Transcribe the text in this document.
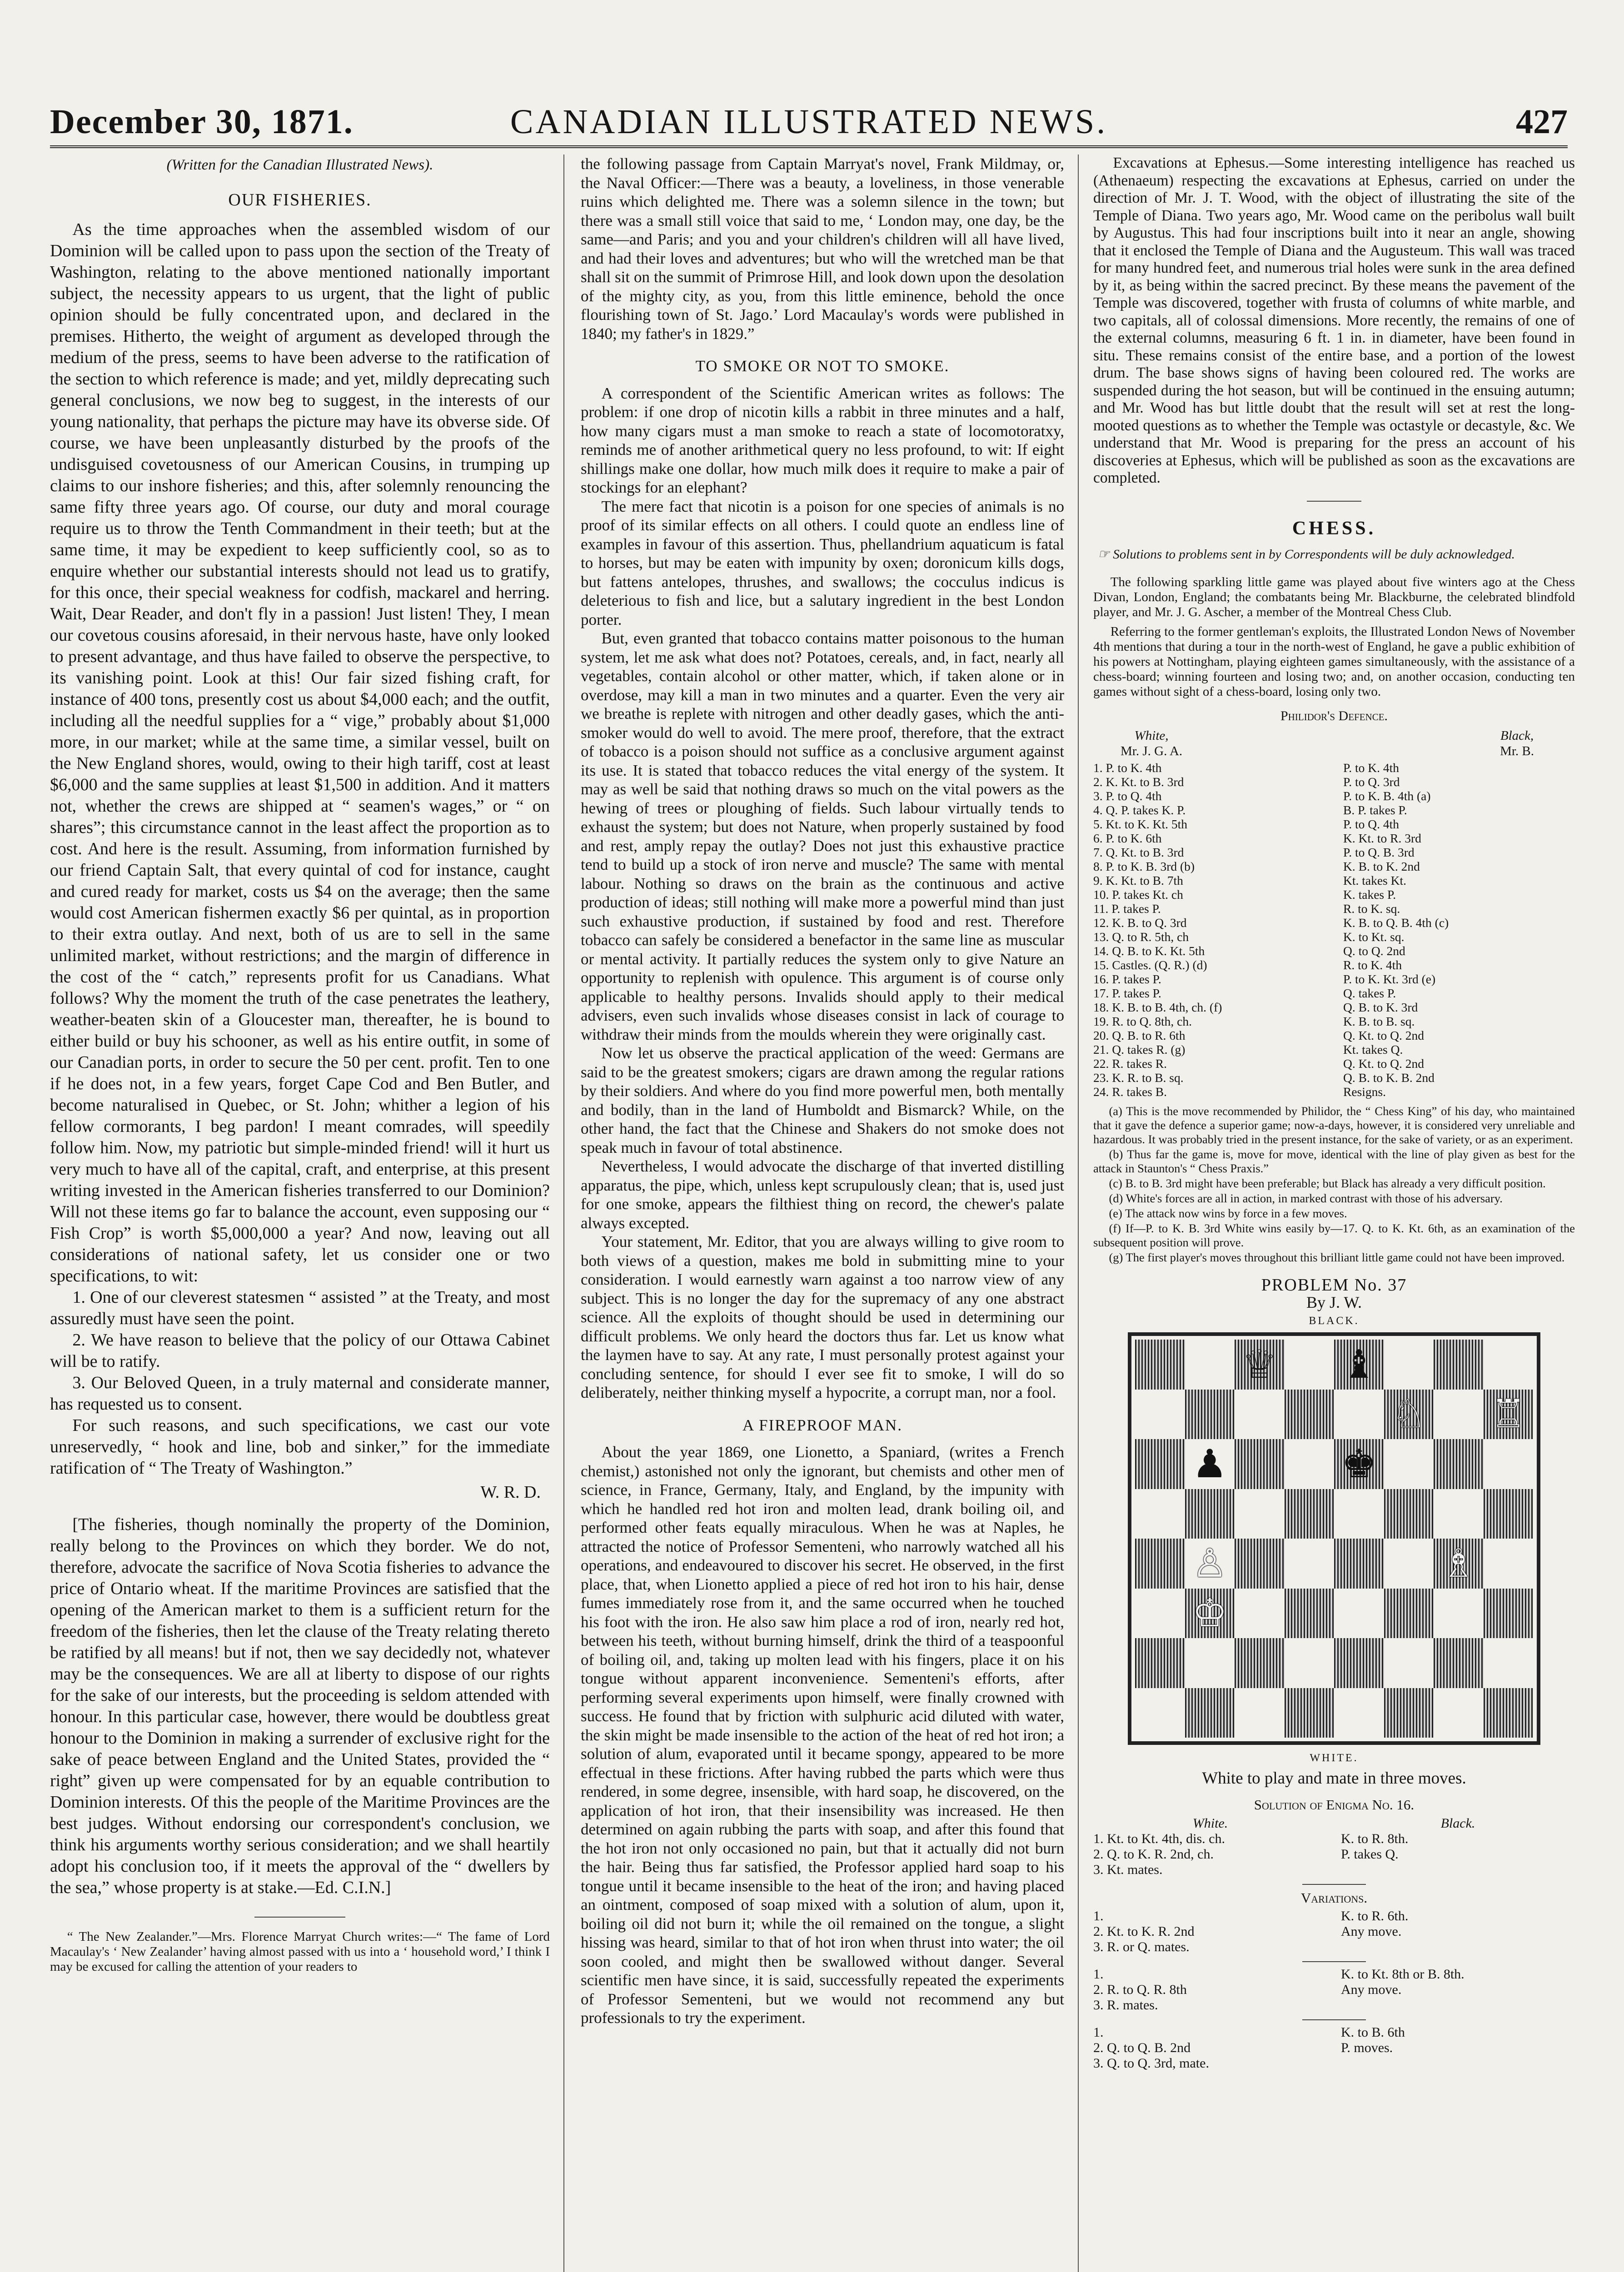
CANADIAN ILLUSTRATED NEWS.
December 30, 1871.	427
(Written for the Canadian Illustrated News).
OUR FISHERIES.

As the time approaches when the assembled wisdom of our Dominion will be called upon to pass upon the section of the Treaty of Washington, relating to the above mentioned nationally important subject, the necessity appears to us urgent, that the light of public opinion should be fully concentrated upon, and declared in the premises. Hitherto, the weight of argument as developed through the medium of the press, seems to have been adverse to the ratification of the section to which reference is made; and yet, mildly deprecating such general conclusions, we now beg to suggest, in the interests of our young nationality, that perhaps the picture may have its obverse side. Of course, we have been unpleasantly disturbed by the proofs of the undisguised covetousness of our American Cousins, in trumping up claims to our inshore fisheries; and this, after solemnly renouncing the same fifty three years ago. Of course, our duty and moral courage require us to throw the Tenth Commandment in their teeth; but at the same time, it may be expedient to keep sufficiently cool, so as to enquire whether our substantial interests should not lead us to gratify, for this once, their special weakness for codfish, mackarel and herring. Wait, Dear Reader, and don't fly in a passion! Just listen! They, I mean our covetous cousins aforesaid, in their nervous haste, have only looked to present advantage, and thus have failed to observe the perspective, to its vanishing point. Look at this! Our fair sized fishing craft, for instance of 400 tons, presently cost us about $4,000 each; and the outfit, including all the needful supplies for a “ vige,” probably about $1,000 more, in our market; while at the same time, a similar vessel, built on the New England shores, would, owing to their high tariff, cost at least $6,000 and the same supplies at least $1,500 in addition. And it matters not, whether the crews are shipped at “ seamen's wages,” or “ on shares”; this circumstance cannot in the least affect the proportion as to cost. And here is the result. Assuming, from information furnished by our friend Captain Salt, that every quintal of cod for instance, caught and cured ready for market, costs us $4 on the average; then the same would cost American fishermen exactly $6 per quintal, as in proportion to their extra outlay. And next, both of us are to sell in the same unlimited market, without restrictions; and the margin of difference in the cost of the “ catch,” represents profit for us Canadians. What follows? Why the moment the truth of the case penetrates the leathery, weather-beaten skin of a Gloucester man, thereafter, he is bound to either build or buy his schooner, as well as his entire outfit, in some of our Canadian ports, in order to secure the 50 per cent. profit. Ten to one if he does not, in a few years, forget Cape Cod and Ben Butler, and become naturalised in Quebec, or St. John; whither a legion of his fellow cormorants, I beg pardon! I meant comrades, will speedily follow him. Now, my patriotic but simple-minded friend! will it hurt us very much to have all of the capital, craft, and enterprise, at this present writing invested in the American fisheries transferred to our Dominion? Will not these items go far to balance the account, even supposing our “ Fish Crop” is worth $5,000,000 a year? And now, leaving out all considerations of national safety, let us consider one or two specifications, to wit:

1. One of our cleverest statesmen “ assisted ” at the Treaty, and most assuredly must have seen the point.

2. We have reason to believe that the policy of our Ottawa Cabinet will be to ratify.

3. Our Beloved Queen, in a truly maternal and considerate manner, has requested us to consent.

For such reasons, and such specifications, we cast our vote unreservedly, “ hook and line, bob and sinker,” for the immediate ratification of “ The Treaty of Washington.”

W. R. D.

[The fisheries, though nominally the property of the Dominion, really belong to the Provinces on which they border. We do not, therefore, advocate the sacrifice of Nova Scotia fisheries to advance the price of Ontario wheat. If the maritime Provinces are satisfied that the opening of the American market to them is a sufficient return for the freedom of the fisheries, then let the clause of the Treaty relating thereto be ratified by all means! but if not, then we say decidedly not, whatever may be the consequences. We are all at liberty to dispose of our rights for the sake of our interests, but the proceeding is seldom attended with honour. In this particular case, however, there would be doubtless great honour to the Dominion in making a surrender of exclusive right for the sake of peace between England and the United States, provided the “ right” given up were compensated for by an equable contribution to Dominion interests. Of this the people of the Maritime Provinces are the best judges. Without endorsing our correspondent's conclusion, we think his arguments worthy serious consideration; and we shall heartily adopt his conclusion too, if it meets the approval of the “ dwellers by the sea,” whose property is at stake.—Ed. C.I.N.]

“ The New Zealander.”—Mrs. Florence Marryat Church writes:—“ The fame of Lord Macaulay's ‘ New Zealander’ having almost passed with us into a ‘ household word,’ I think I may be excused for calling the attention of your readers to

the following passage from Captain Marryat's novel, Frank Mildmay, or, the Naval Officer:—There was a beauty, a loveliness, in those venerable ruins which delighted me. There was a solemn silence in the town; but there was a small still voice that said to me, ‘ London may, one day, be the same—and Paris; and you and your children's children will all have lived, and had their loves and adventures; but who will the wretched man be that shall sit on the summit of Primrose Hill, and look down upon the desolation of the mighty city, as you, from this little eminence, behold the once flourishing town of St. Jago.’ Lord Macaulay's words were published in 1840; my father's in 1829.”

TO SMOKE OR NOT TO SMOKE.

A correspondent of the Scientific American writes as follows: The problem: if one drop of nicotin kills a rabbit in three minutes and a half, how many cigars must a man smoke to reach a state of locomotoratxy, reminds me of another arithmetical query no less profound, to wit: If eight shillings make one dollar, how much milk does it require to make a pair of stockings for an elephant?

The mere fact that nicotin is a poison for one species of animals is no proof of its similar effects on all others. I could quote an endless line of examples in favour of this assertion. Thus, phellandrium aquaticum is fatal to horses, but may be eaten with impunity by oxen; doronicum kills dogs, but fattens antelopes, thrushes, and swallows; the cocculus indicus is deleterious to fish and lice, but a salutary ingredient in the best London porter.

But, even granted that tobacco contains matter poisonous to the human system, let me ask what does not? Potatoes, cereals, and, in fact, nearly all vegetables, contain alcohol or other matter, which, if taken alone or in overdose, may kill a man in two minutes and a quarter. Even the very air we breathe is replete with nitrogen and other deadly gases, which the anti-smoker would do well to avoid. The mere proof, therefore, that the extract of tobacco is a poison should not suffice as a conclusive argument against its use. It is stated that tobacco reduces the vital energy of the system. It may as well be said that nothing draws so much on the vital powers as the hewing of trees or ploughing of fields. Such labour virtually tends to exhaust the system; but does not Nature, when properly sustained by food and rest, amply repay the outlay? Does not just this exhaustive practice tend to build up a stock of iron nerve and muscle? The same with mental labour. Nothing so draws on the brain as the continuous and active production of ideas; still nothing will make more a powerful mind than just such exhaustive production, if sustained by food and rest. Therefore tobacco can safely be considered a benefactor in the same line as muscular or mental activity. It partially reduces the system only to give Nature an opportunity to replenish with opulence. This argument is of course only applicable to healthy persons. Invalids should apply to their medical advisers, even such invalids whose diseases consist in lack of courage to withdraw their minds from the moulds wherein they were originally cast.

Now let us observe the practical application of the weed: Germans are said to be the greatest smokers; cigars are drawn among the regular rations by their soldiers. And where do you find more powerful men, both mentally and bodily, than in the land of Humboldt and Bismarck? While, on the other hand, the fact that the Chinese and Shakers do not smoke does not speak much in favour of total abstinence.

Nevertheless, I would advocate the discharge of that inverted distilling apparatus, the pipe, which, unless kept scrupulously clean; that is, used just for one smoke, appears the filthiest thing on record, the chewer's palate always excepted.

Your statement, Mr. Editor, that you are always willing to give room to both views of a question, makes me bold in submitting mine to your consideration. I would earnestly warn against a too narrow view of any subject. This is no longer the day for the supremacy of any one abstract science. All the exploits of thought should be used in determining our difficult problems. We only heard the doctors thus far. Let us know what the laymen have to say. At any rate, I must personally protest against your concluding sentence, for should I ever see fit to smoke, I will do so deliberately, neither thinking myself a hypocrite, a corrupt man, nor a fool.

A FIREPROOF MAN.

About the year 1869, one Lionetto, a Spaniard, (writes a French chemist,) astonished not only the ignorant, but chemists and other men of science, in France, Germany, Italy, and England, by the impunity with which he handled red hot iron and molten lead, drank boiling oil, and performed other feats equally miraculous. When he was at Naples, he attracted the notice of Professor Sementeni, who narrowly watched all his operations, and endeavoured to discover his secret. He observed, in the first place, that, when Lionetto applied a piece of red hot iron to his hair, dense fumes immediately rose from it, and the same occurred when he touched his foot with the iron. He also saw him place a rod of iron, nearly red hot, between his teeth, without burning himself, drink the third of a teaspoonful of boiling oil, and, taking up molten lead with his fingers, place it on his tongue without apparent inconvenience. Sementeni's efforts, after performing several experiments upon himself, were finally crowned with success. He found that by friction with sulphuric acid diluted with water, the skin might be made insensible to the action of the heat of red hot iron; a solution of alum, evaporated until it became spongy, appeared to be more effectual in these frictions. After having rubbed the parts which were thus rendered, in some degree, insensible, with hard soap, he discovered, on the application of hot iron, that their insensibility was increased. He then determined on again rubbing the parts with soap, and after this found that the hot iron not only occasioned no pain, but that it actually did not burn the hair. Being thus far satisfied, the Professor applied hard soap to his tongue until it became insensible to the heat of the iron; and having placed an ointment, composed of soap mixed with a solution of alum, upon it, boiling oil did not burn it; while the oil remained on the tongue, a slight hissing was heard, similar to that of hot iron when thrust into water; the oil soon cooled, and might then be swallowed without danger. Several scientific men have since, it is said, successfully repeated the experiments of Professor Sementeni, but we would not recommend any but professionals to try the experiment.

Excavations at Ephesus.—Some interesting intelligence has reached us (Athenaeum) respecting the excavations at Ephesus, carried on under the direction of Mr. J. T. Wood, with the object of illustrating the site of the Temple of Diana. Two years ago, Mr. Wood came on the peribolus wall built by Augustus. This had four inscriptions built into it near an angle, showing that it enclosed the Temple of Diana and the Augusteum. This wall was traced for many hundred feet, and numerous trial holes were sunk in the area defined by it, as being within the sacred precinct. By these means the pavement of the Temple was discovered, together with frusta of columns of white marble, and two capitals, all of colossal dimensions. More recently, the remains of one of the external columns, measuring 6 ft. 1 in. in diameter, have been found in situ. These remains consist of the entire base, and a portion of the lowest drum. The base shows signs of having been coloured red. The works are suspended during the hot season, but will be continued in the ensuing autumn; and Mr. Wood has but little doubt that the result will set at rest the long-mooted questions as to whether the Temple was octastyle or decastyle, &c. We understand that Mr. Wood is preparing for the press an account of his discoveries at Ephesus, which will be published as soon as the excavations are completed.

CHESS.

☞ Solutions to problems sent in by Correspondents will be duly acknowledged.

The following sparkling little game was played about five winters ago at the Chess Divan, London, England; the combatants being Mr. Blackburne, the celebrated blindfold player, and Mr. J. G. Ascher, a member of the Montreal Chess Club.

Referring to the former gentleman's exploits, the Illustrated London News of November 4th mentions that during a tour in the north-west of England, he gave a public exhibition of his powers at Nottingham, playing eighteen games simultaneously, with the assistance of a chess-board; winning fourteen and losing two; and, on another occasion, conducting ten games without sight of a chess-board, losing only two.

Philidor's Defence.
White,
Mr. J. G. A.
Black,
Mr. B.
1. P. to K. 4th	P. to K. 4th
2. K. Kt. to B. 3rd	P. to Q. 3rd
3. P. to Q. 4th	P. to K. B. 4th (a)
4. Q. P. takes K. P.	B. P. takes P.
5. Kt. to K. Kt. 5th	P. to Q. 4th
6. P. to K. 6th	K. Kt. to R. 3rd
7. Q. Kt. to B. 3rd	P. to Q. B. 3rd
8. P. to K. B. 3rd (b)	K. B. to K. 2nd
9. K. Kt. to B. 7th	Kt. takes Kt.
10. P. takes Kt. ch	K. takes P.
11. P. takes P.	R. to K. sq.
12. K. B. to Q. 3rd	K. B. to Q. B. 4th (c)
13. Q. to R. 5th, ch	K. to Kt. sq.
14. Q. B. to K. Kt. 5th	Q. to Q. 2nd
15. Castles. (Q. R.) (d)	R. to K. 4th
16. P. takes P.	P. to K. Kt. 3rd (e)
17. P. takes P.	Q. takes P.
18. K. B. to B. 4th, ch. (f)	Q. B. to K. 3rd
19. R. to Q. 8th, ch.	K. B. to B. sq.
20. Q. B. to R. 6th	Q. Kt. to Q. 2nd
21. Q. takes R. (g)	Kt. takes Q.
22. R. takes R.	Q. Kt. to Q. 2nd
23. K. R. to B. sq.	Q. B. to K. B. 2nd
24. R. takes B.	Resigns.

(a) This is the move recommended by Philidor, the “ Chess King” of his day, who maintained that it gave the defence a superior game; now-a-days, however, it is considered very unreliable and hazardous. It was probably tried in the present instance, for the sake of variety, or as an experiment.

(b) Thus far the game is, move for move, identical with the line of play given as best for the attack in Staunton's “ Chess Praxis.”

(c) B. to B. 3rd might have been preferable; but Black has already a very difficult position.

(d) White's forces are all in action, in marked contrast with those of his adversary.

(e) The attack now wins by force in a few moves.

(f) If—P. to K. B. 3rd White wins easily by—17. Q. to K. Kt. 6th, as an examination of the subsequent position will prove.

(g) The first player's moves throughout this brilliant little game could not have been improved.

PROBLEM No. 37
By J. W.
BLACK.
♕ ♝
♘ ♖
♟	♚
♙	♗
♔
WHITE.
White to play and mate in three moves.
Solution of Enigma No. 16.
White.	Black.
1. Kt. to Kt. 4th, dis. ch.	K. to R. 8th.
2. Q. to K. R. 2nd, ch.	P. takes Q.
3. Kt. mates.
Variations.
1.	K. to R. 6th.
2. Kt. to K. R. 2nd	Any move.
3. R. or Q. mates.
1.	K. to Kt. 8th or B. 8th.
2. R. to Q. R. 8th	Any move.
3. R. mates.
1.	K. to B. 6th
2. Q. to Q. B. 2nd	P. moves.
3. Q. to Q. 3rd, mate.
